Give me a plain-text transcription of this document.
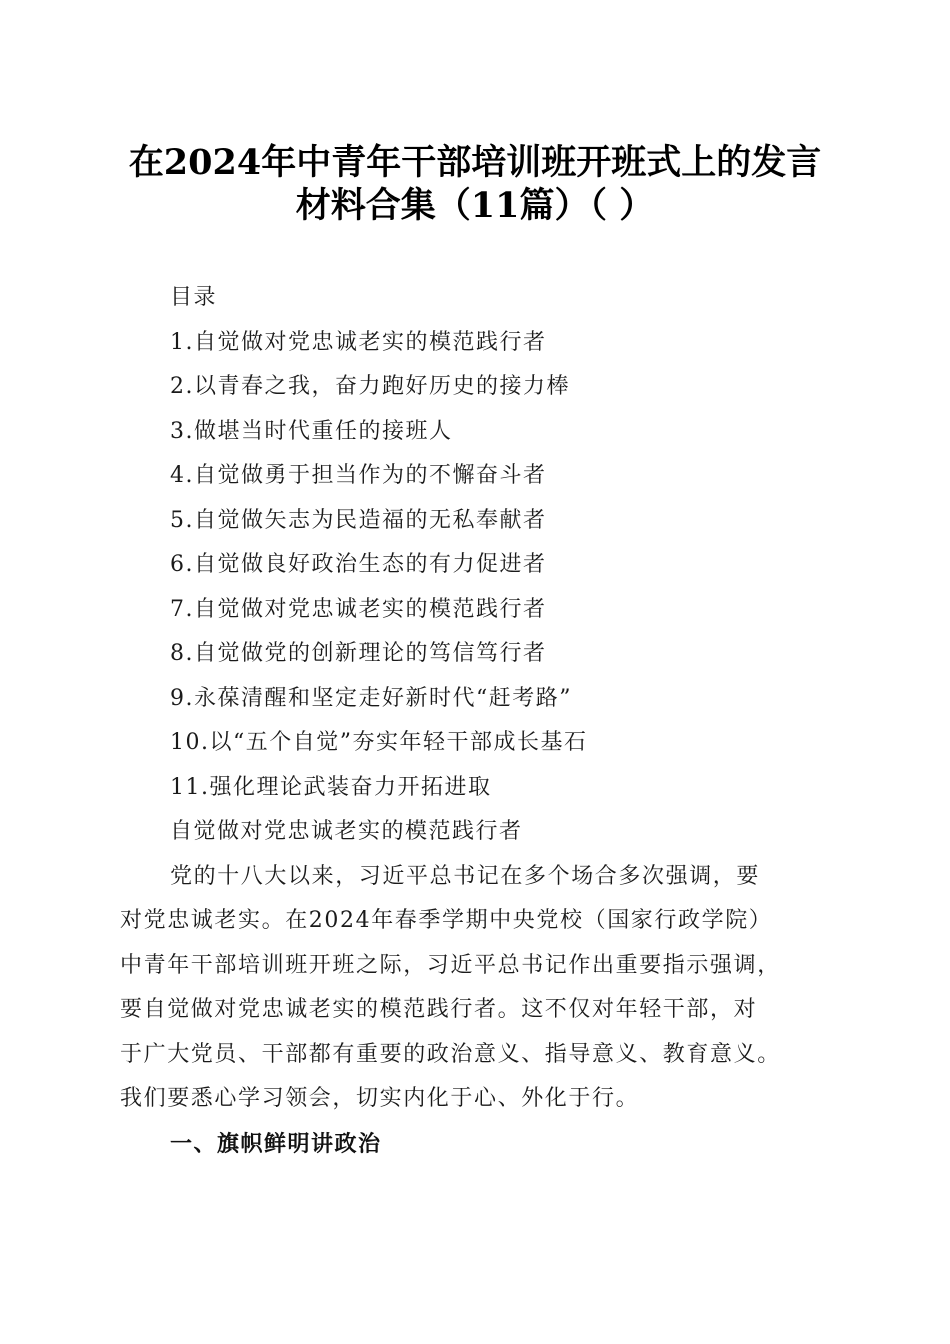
在2024年中青年干部培训班开班式上的发言
材料合集（11篇）（ ）
目录
1.自觉做对党忠诚老实的模范践行者
2.以青春之我，奋力跑好历史的接力棒
3.做堪当时代重任的接班人
4.自觉做勇于担当作为的不懈奋斗者
5.自觉做矢志为民造福的无私奉献者
6.自觉做良好政治生态的有力促进者
7.自觉做对党忠诚老实的模范践行者
8.自觉做党的创新理论的笃信笃行者
9.永葆清醒和坚定走好新时代“赶考路”
10.以“五个自觉”夯实年轻干部成长基石
11.强化理论武装奋力开拓进取
自觉做对党忠诚老实的模范践行者
党的十八大以来，习近平总书记在多个场合多次强调，要
对党忠诚老实。在2024年春季学期中央党校（国家行政学院）
中青年干部培训班开班之际，习近平总书记作出重要指示强调，
要自觉做对党忠诚老实的模范践行者。这不仅对年轻干部，对
于广大党员、干部都有重要的政治意义、指导意义、教育意义。
我们要悉心学习领会，切实内化于心、外化于行。
一、旗帜鲜明讲政治
